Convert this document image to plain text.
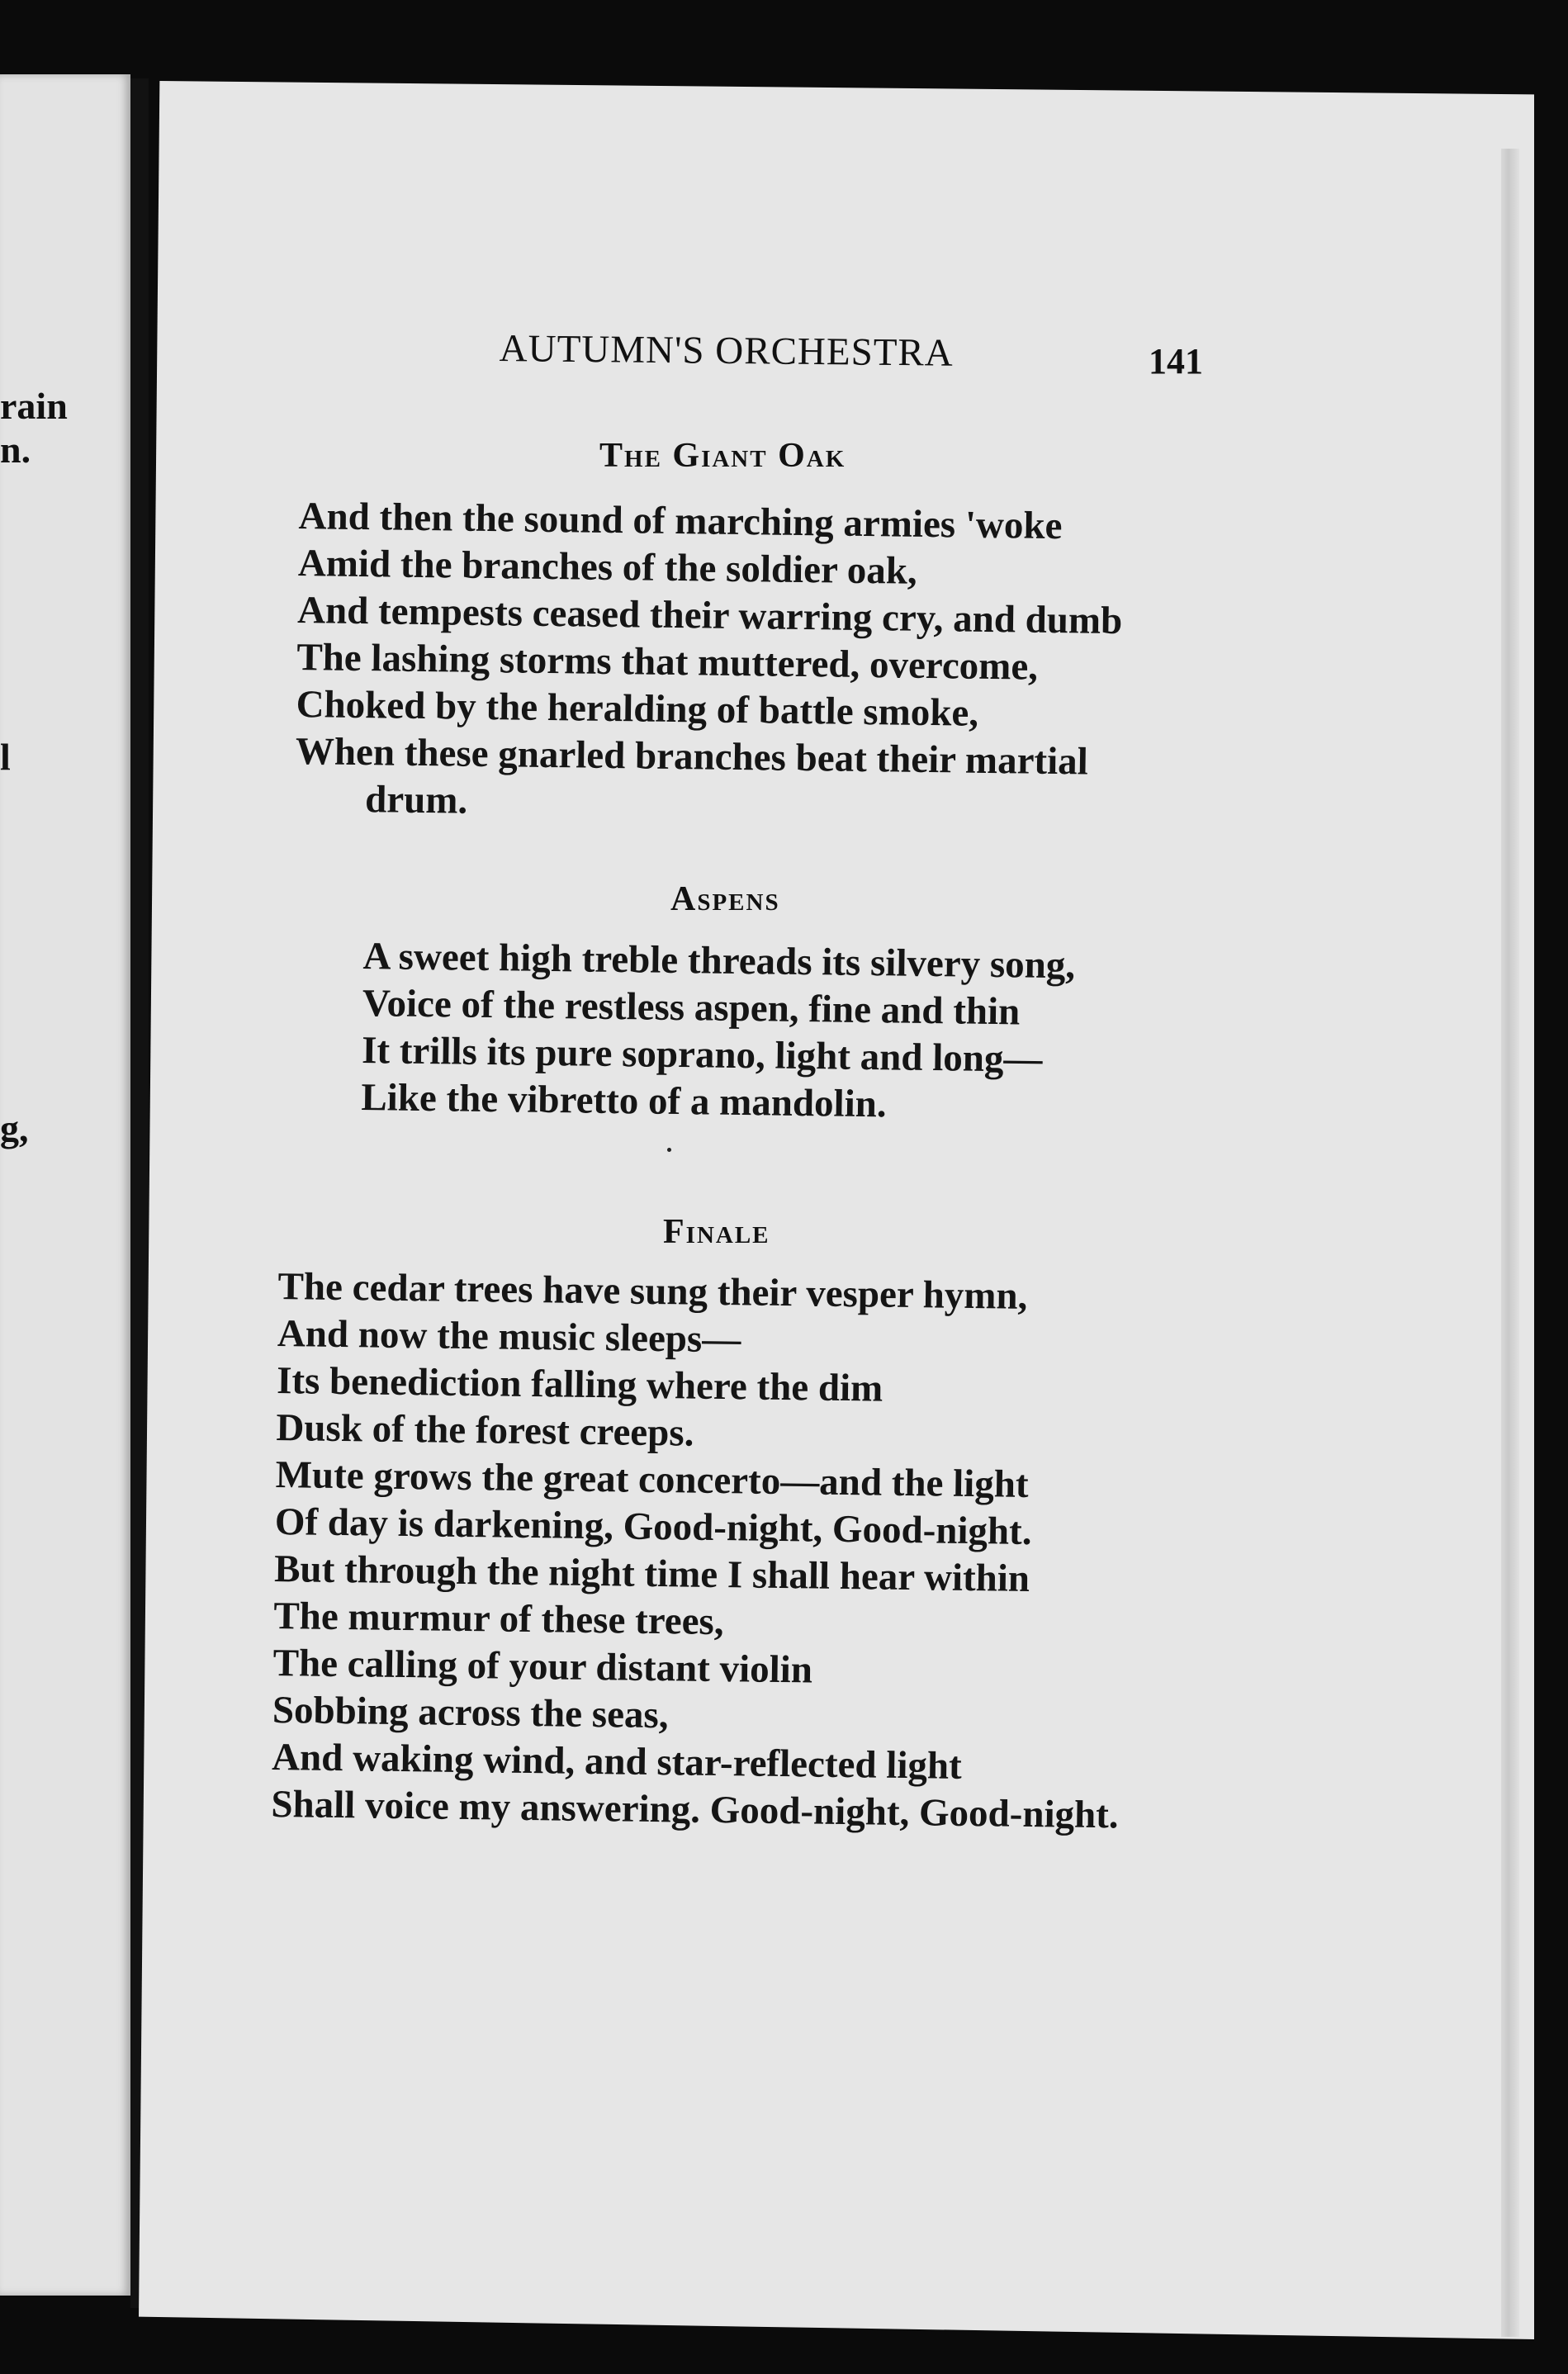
rain
n.
l
g,
AUTUMN'S ORCHESTRA	141
The Giant Oak
And then the sound of marching armies 'woke
Amid the branches of the soldier oak,
And tempests ceased their warring cry, and dumb
The lashing storms that muttered, overcome,
Choked by the heralding of battle smoke,
When these gnarled branches beat their martial
drum.
Aspens
A sweet high treble threads its silvery song,
Voice of the restless aspen, fine and thin
It trills its pure soprano, light and long—
Like the vibretto of a mandolin.
Finale
The cedar trees have sung their vesper hymn,
And now the music sleeps—
Its benediction falling where the dim
Dusk of the forest creeps.
Mute grows the great concerto—and the light
Of day is darkening, Good-night, Good-night.
But through the night time I shall hear within
The murmur of these trees,
The calling of your distant violin
Sobbing across the seas,
And waking wind, and star-reflected light
Shall voice my answering. Good-night, Good-night.
